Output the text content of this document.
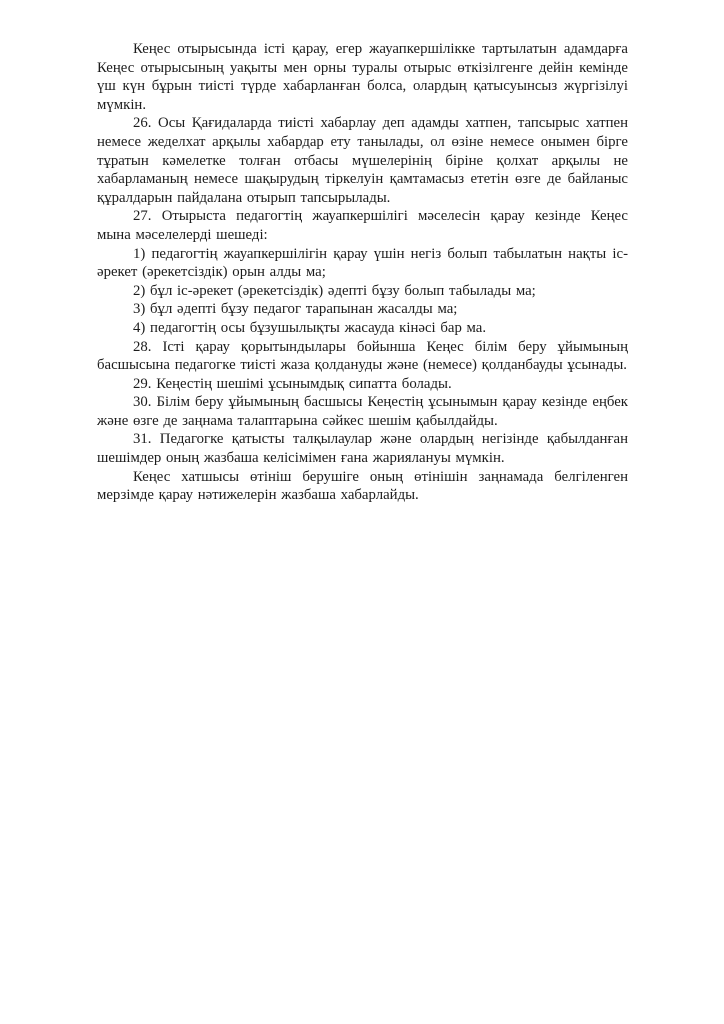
Кеңес отырысында істі қарау, егер жауапкершілікке тартылатын адамдарға Кеңес отырысының уақыты мен орны туралы отырыс өткізілгенге дейін кемінде үш күн бұрын тиісті түрде хабарланған болса, олардың қатысуынсыз жүргізілуі мүмкін.

26. Осы Қағидаларда тиісті хабарлау деп адамды хатпен, тапсырыс хатпен немесе жеделхат арқылы хабардар ету танылады, ол өзіне немесе онымен бірге тұратын кәмелетке толған отбасы мүшелерінің біріне қолхат арқылы не хабарламаның немесе шақырудың тіркелуін қамтамасыз ететін өзге де байланыс құралдарын пайдалана отырып тапсырылады.

27. Отырыста педагогтің жауапкершілігі мәселесін қарау кезінде Кеңес мына мәселелерді шешеді:

1) педагогтің жауапкершілігін қарау үшін негіз болып табылатын нақты іс-әрекет (әрекетсіздік) орын алды ма;

2) бұл іс-әрекет (әрекетсіздік) әдепті бұзу болып табылады ма;

3) бұл әдепті бұзу педагог тарапынан жасалды ма;

4) педагогтің осы бұзушылықты жасауда кінәсі бар ма.

28. Істі қарау қорытындылары бойынша Кеңес білім беру ұйымының басшысына педагогке тиісті жаза қолдануды және (немесе) қолданбауды ұсынады.

29. Кеңестің шешімі ұсынымдық сипатта болады.

30. Білім беру ұйымының басшысы Кеңестің ұсынымын қарау кезінде еңбек және өзге де заңнама талаптарына сәйкес шешім қабылдайды.

31. Педагогке қатысты талқылаулар және олардың негізінде қабылданған шешімдер оның жазбаша келісімімен ғана жариялануы мүмкін.

Кеңес хатшысы өтініш берушіге оның өтінішін заңнамада белгіленген мерзімде қарау нәтижелерін жазбаша хабарлайды.
